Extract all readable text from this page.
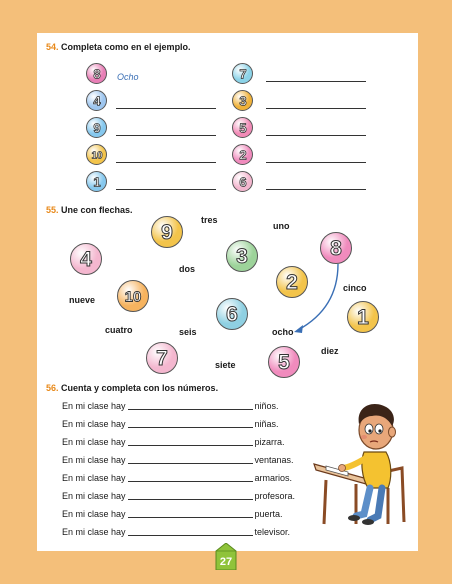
54. Completa como en el ejemplo.
8 Ocho	7
4	3
9	5
10	2
1	6
55. Une con flechas.
9
3	8
4
2
10
6	1
7	5
tres
uno
dos
cinco
nueve
cuatro	seis	ocho
diez
siete
56. Cuenta y completa con los números.
En mi clase hay	niños.
En mi clase hay	niñas.
En mi clase hay	pizarra.
En mi clase hay	ventanas.
En mi clase hay	armarios.
En mi clase hay	profesora.
En mi clase hay	puerta.
En mi clase hay	televisor.
27
